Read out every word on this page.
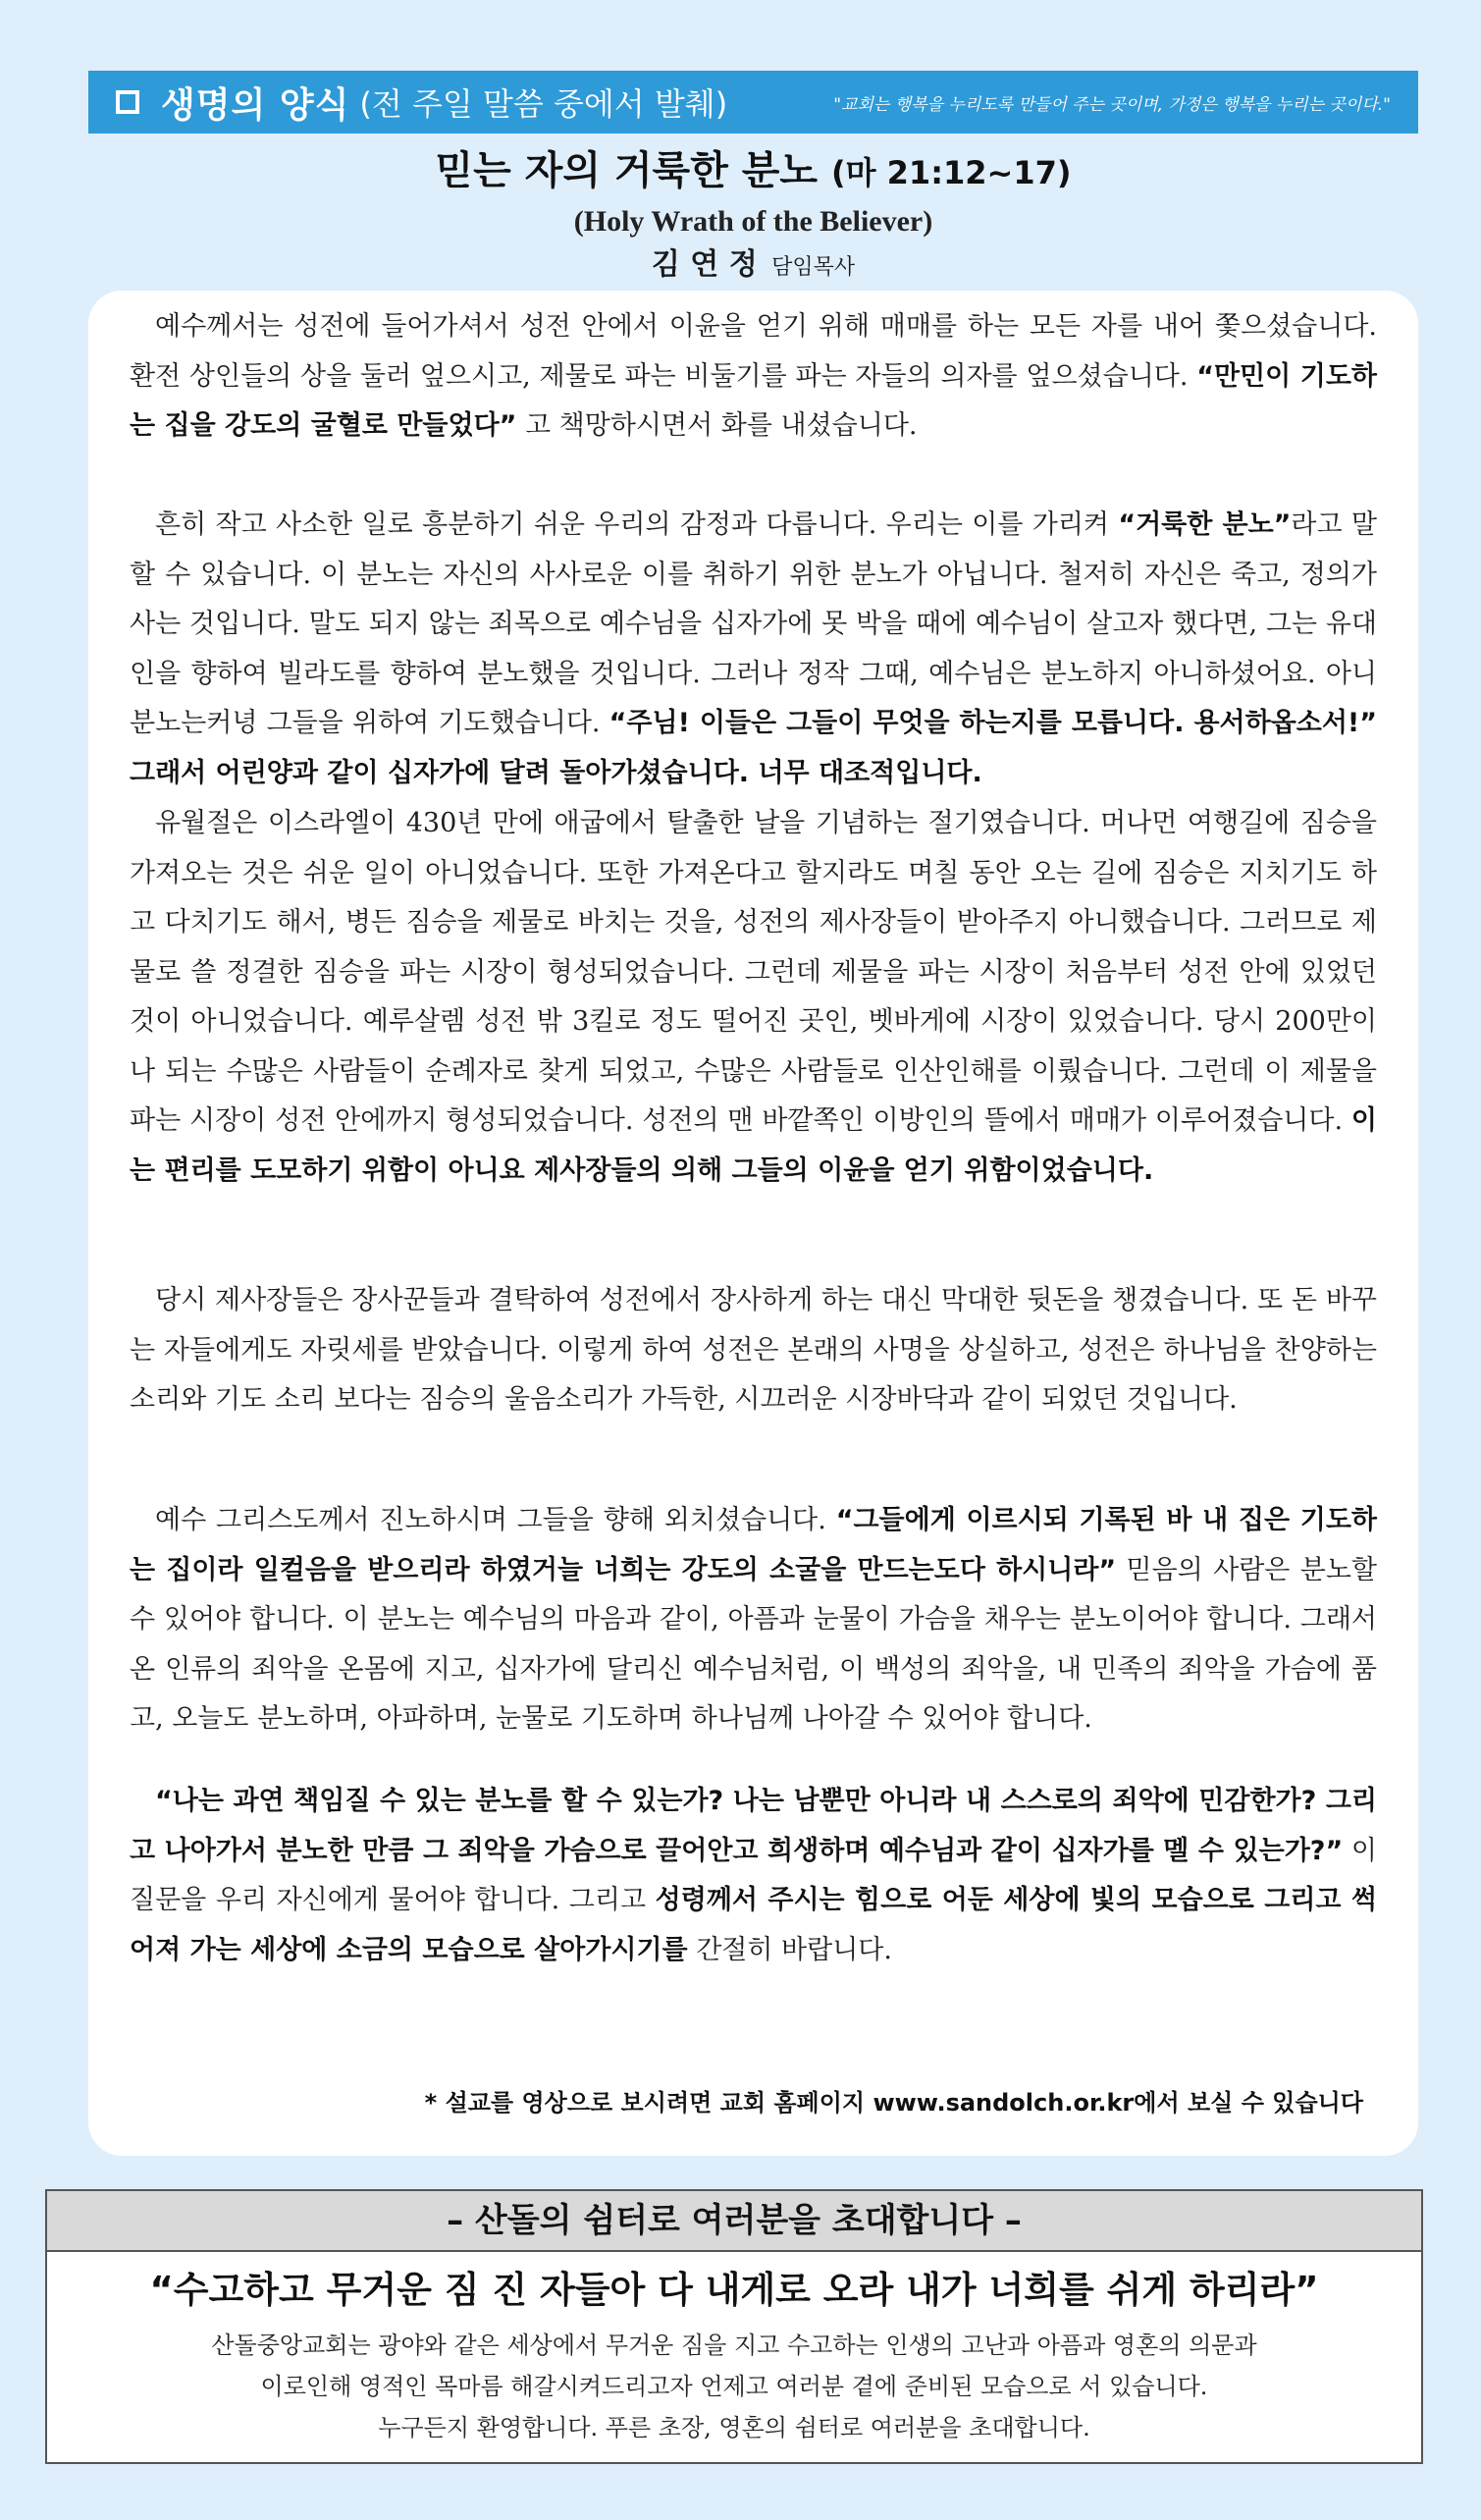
생명의 양식 (전 주일 말씀 중에서 발췌)	"교회는 행복을 누리도록 만들어 주는 곳이며, 가정은 행복을 누리는 곳이다."
믿는 자의 거룩한 분노 (마 21:12~17)
(Holy Wrath of the Believer)
김 연 정 담임목사

예수께서는 성전에 들어가셔서 성전 안에서 이윤을 얻기 위해 매매를 하는 모든 자를 내어 쫓으셨습니다. 환전 상인들의 상을 둘러 엎으시고, 제물로 파는 비둘기를 파는 자들의 의자를 엎으셨습니다. “만민이 기도하는 집을 강도의 굴혈로 만들었다” 고 책망하시면서 화를 내셨습니다.

흔히 작고 사소한 일로 흥분하기 쉬운 우리의 감정과 다릅니다. 우리는 이를 가리켜 “거룩한 분노”라고 말할 수 있습니다. 이 분노는 자신의 사사로운 이를 취하기 위한 분노가 아닙니다. 철저히 자신은 죽고, 정의가 사는 것입니다. 말도 되지 않는 죄목으로 예수님을 십자가에 못 박을 때에 예수님이 살고자 했다면, 그는 유대인을 향하여 빌라도를 향하여 분노했을 것입니다. 그러나 정작 그때, 예수님은 분노하지 아니하셨어요. 아니 분노는커녕 그들을 위하여 기도했습니다. “주님! 이들은 그들이 무엇을 하는지를 모릅니다. 용서하옵소서!” 그래서 어린양과 같이 십자가에 달려 돌아가셨습니다. 너무 대조적입니다.

유월절은 이스라엘이 430년 만에 애굽에서 탈출한 날을 기념하는 절기였습니다. 머나먼 여행길에 짐승을 가져오는 것은 쉬운 일이 아니었습니다. 또한 가져온다고 할지라도 며칠 동안 오는 길에 짐승은 지치기도 하고 다치기도 해서, 병든 짐승을 제물로 바치는 것을, 성전의 제사장들이 받아주지 아니했습니다. 그러므로 제물로 쓸 정결한 짐승을 파는 시장이 형성되었습니다. 그런데 제물을 파는 시장이 처음부터 성전 안에 있었던 것이 아니었습니다. 예루살렘 성전 밖 3킬로 정도 떨어진 곳인, 벳바게에 시장이 있었습니다. 당시 200만이나 되는 수많은 사람들이 순례자로 찾게 되었고, 수많은 사람들로 인산인해를 이뤘습니다. 그런데 이 제물을 파는 시장이 성전 안에까지 형성되었습니다. 성전의 맨 바깥쪽인 이방인의 뜰에서 매매가 이루어졌습니다. 이는 편리를 도모하기 위함이 아니요 제사장들의 의해 그들의 이윤을 얻기 위함이었습니다.

당시 제사장들은 장사꾼들과 결탁하여 성전에서 장사하게 하는 대신 막대한 뒷돈을 챙겼습니다. 또 돈 바꾸는 자들에게도 자릿세를 받았습니다. 이렇게 하여 성전은 본래의 사명을 상실하고, 성전은 하나님을 찬양하는 소리와 기도 소리 보다는 짐승의 울음소리가 가득한, 시끄러운 시장바닥과 같이 되었던 것입니다.

예수 그리스도께서 진노하시며 그들을 향해 외치셨습니다. “그들에게 이르시되 기록된 바 내 집은 기도하는 집이라 일컬음을 받으리라 하였거늘 너희는 강도의 소굴을 만드는도다 하시니라” 믿음의 사람은 분노할 수 있어야 합니다. 이 분노는 예수님의 마음과 같이, 아픔과 눈물이 가슴을 채우는 분노이어야 합니다. 그래서 온 인류의 죄악을 온몸에 지고, 십자가에 달리신 예수님처럼, 이 백성의 죄악을, 내 민족의 죄악을 가슴에 품고, 오늘도 분노하며, 아파하며, 눈물로 기도하며 하나님께 나아갈 수 있어야 합니다.

“나는 과연 책임질 수 있는 분노를 할 수 있는가? 나는 남뿐만 아니라 내 스스로의 죄악에 민감한가? 그리고 나아가서 분노한 만큼 그 죄악을 가슴으로 끌어안고 희생하며 예수님과 같이 십자가를 멜 수 있는가?” 이 질문을 우리 자신에게 물어야 합니다. 그리고 성령께서 주시는 힘으로 어둔 세상에 빛의 모습으로 그리고 썩어져 가는 세상에 소금의 모습으로 살아가시기를 간절히 바랍니다.

* 설교를 영상으로 보시려면 교회 홈페이지 www.sandolch.or.kr에서 보실 수 있습니다
– 산돌의 쉼터로 여러분을 초대합니다 –
“수고하고 무거운 짐 진 자들아 다 내게로 오라 내가 너희를 쉬게 하리라”
산돌중앙교회는 광야와 같은 세상에서 무거운 짐을 지고 수고하는 인생의 고난과 아픔과 영혼의 의문과
이로인해 영적인 목마름 해갈시켜드리고자 언제고 여러분 곁에 준비된 모습으로 서 있습니다.
누구든지 환영합니다. 푸른 초장, 영혼의 쉼터로 여러분을 초대합니다.
